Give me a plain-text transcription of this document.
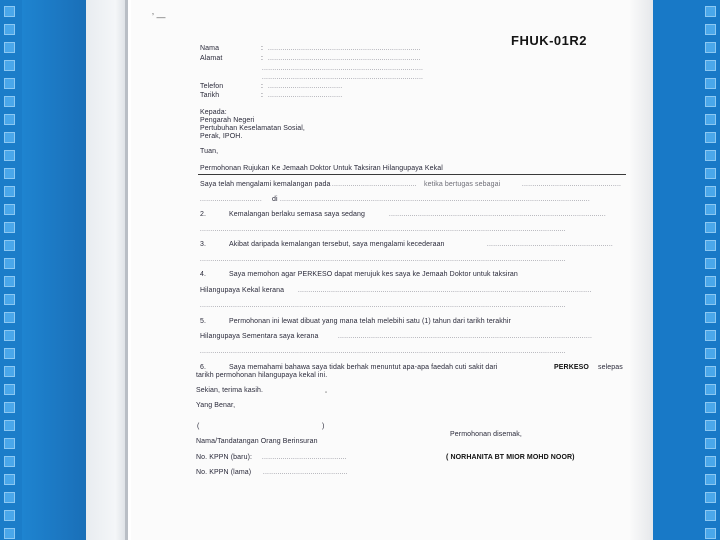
ʼ —
FHUK-01R2
Nama	: ..........................................................................
Alamat	: ..........................................................................
..............................................................................
..............................................................................
Telefon	: ....................................
Tarikh	: ....................................
Kepada:
Pengarah Negeri
Pertubuhan Keselamatan Sosial,
Perak, IPOH.
Tuan,
Permohonan Rujukan Ke Jemaah Doktor Untuk Taksiran Hilangupaya Kekal
Saya telah mengalami kemalangan pada .........................................	ketika bertugas sebagai	................................................
..............................	di ......................................................................................................................................................
2.	Kemalangan berlaku semasa saya sedang	.........................................................................................................
.................................................................................................................................................................................
3.	Akibat daripada kemalangan tersebut, saya mengalami kecederaan	.............................................................
.................................................................................................................................................................................
4.	Saya memohon agar PERKESO dapat merujuk kes saya ke Jemaah Doktor untuk taksiran
Hilangupaya Kekal kerana ..............................................................................................................................................
.................................................................................................................................................................................
5.	Permohonan ini lewat dibuat yang mana telah melebihi satu (1) tahun dari tarikh terakhir
Hilangupaya Sementara saya kerana	...........................................................................................................................
.................................................................................................................................................................................
6.	Saya memahami bahawa saya tidak berhak menuntut apa-apa faedah cuti sakit dari	PERKESO selepas
tarikh permohonan hilangupaya kekal ini.
Sekian, terima kasih.
Yang Benar,
▫
(	)
Nama/Tandatangan Orang Berinsuran
No. KPPN (baru): .........................................
No. KPPN (lama) .........................................
Permohonan disemak,
( NORHANITA BT MIOR MOHD NOOR)
